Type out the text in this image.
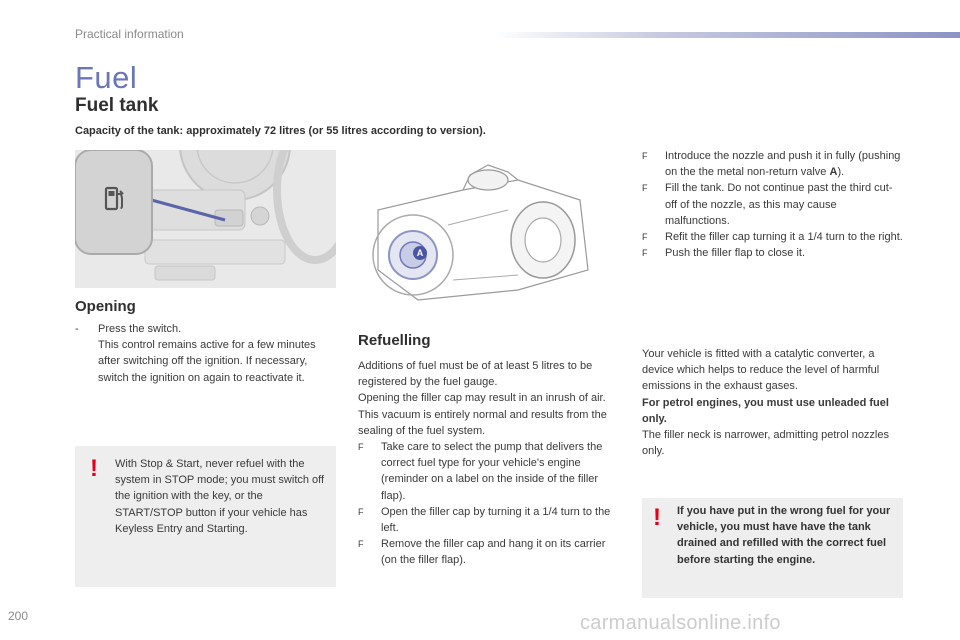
Practical information
Fuel
Fuel tank
Capacity of the tank: approximately 72 litres (or 55 litres according to version).
A
Opening
- Press the switch.
This control remains active for a few minutes after switching off the ignition. If necessary, switch the ignition on again to reactivate it.
! With Stop & Start, never refuel with the system in STOP mode; you must switch off the ignition with the key, or the START/STOP button if your vehicle has Keyless Entry and Starting.
Refuelling
Additions of fuel must be of at least 5 litres to be registered by the fuel gauge.
Opening the filler cap may result in an inrush of air. This vacuum is entirely normal and results from the sealing of the fuel system.
F Take care to select the pump that delivers the correct fuel type for your vehicle's engine (reminder on a label on the inside of the filler flap).
F Open the filler cap by turning it a 1/4 turn to the left.
F Remove the filler cap and hang it on its carrier (on the filler flap).
F Introduce the nozzle and push it in fully (pushing on the the metal non-return valve A).
F Fill the tank. Do not continue past the third cut-off of the nozzle, as this may cause malfunctions.
F Refit the filler cap turning it a 1/4 turn to the right.
F Push the filler flap to close it.
Your vehicle is fitted with a catalytic converter, a device which helps to reduce the level of harmful emissions in the exhaust gases.
For petrol engines, you must use unleaded fuel only.
The filler neck is narrower, admitting petrol nozzles only.
! If you have put in the wrong fuel for your vehicle, you must have have the tank drained and refilled with the correct fuel before starting the engine.
200	carmanualsonline.info
